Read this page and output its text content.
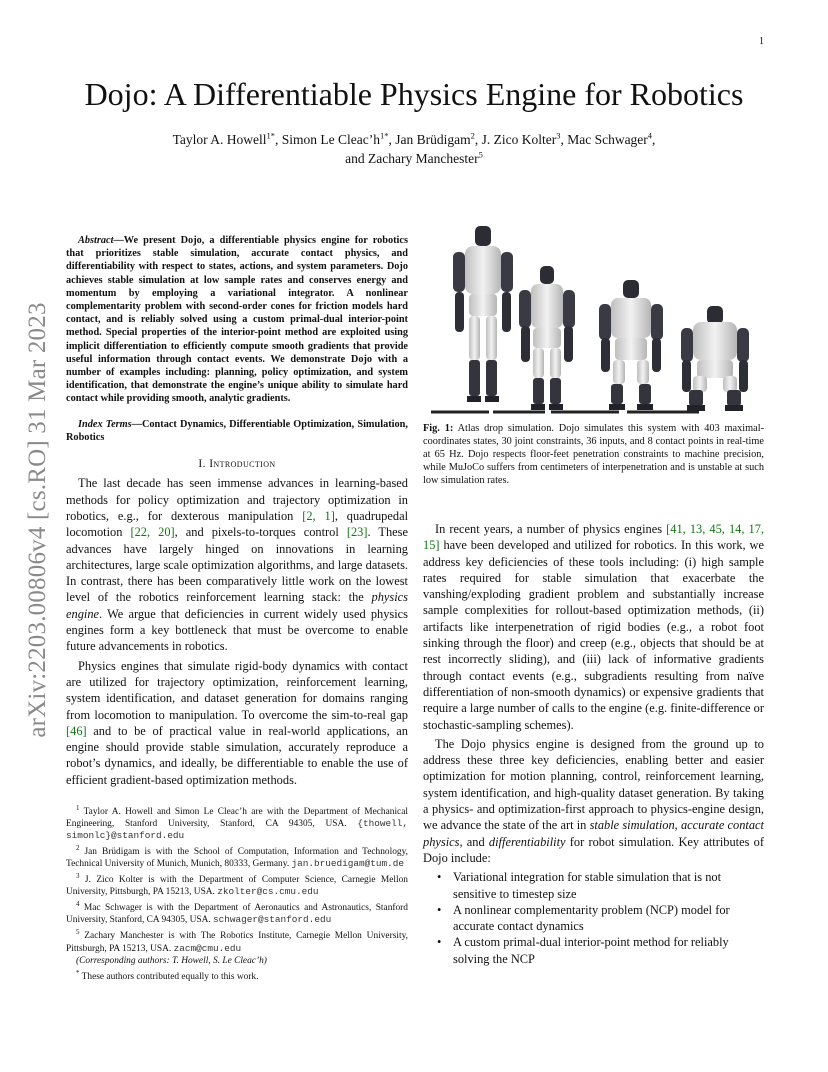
1
arXiv:2203.00806v4 [cs.RO] 31 Mar 2023
Dojo: A Differentiable Physics Engine for Robotics
Taylor A. Howell$^{1*}$, Simon Le $Cleac’h^{1*}$, Jan Brüdigam$^2$, J. Zico Kolter$^3$, Mac Schwager$^4$,
and Zachary Manchester$^5$

Abstract—We present Dojo, a differentiable physics engine for robotics that prioritizes stable simulation, accurate contact physics, and differentiability with respect to states, actions, and system parameters. Dojo achieves stable simulation at low sample rates and conserves energy and momentum by employing a variational integrator. A nonlinear complementarity problem with second-order cones for friction models hard contact, and is reliably solved using a custom primal-dual interior-point method. Special properties of the interior-point method are exploited using implicit differentiation to efficiently compute smooth gradients that provide useful information through contact events. We demonstrate Dojo with a number of examples including: planning, policy optimization, and system identification, that demonstrate the engine’s unique ability to simulate hard contact while providing smooth, analytic gradients.

Index Terms—Contact Dynamics, Differentiable Optimization, Simulation, Robotics

I. Introduction

The last decade has seen immense advances in learning-based methods for policy optimization and trajectory optimization in robotics, e.g., for dexterous manipulation [2, 1], quadrupedal locomotion [22, 20], and pixels-to-torques control [23]. These advances have largely hinged on innovations in learning architectures, large scale optimization algorithms, and large datasets. In contrast, there has been comparatively little work on the lowest level of the robotics reinforcement learning stack: the physics engine. We argue that deficiencies in current widely used physics engines form a key bottleneck that must be overcome to enable future advancements in robotics.

Physics engines that simulate rigid-body dynamics with contact are utilized for trajectory optimization, reinforcement learning, system identification, and dataset generation for domains ranging from locomotion to manipulation. To overcome the sim-to-real gap [46] and to be of practical value in real-world applications, an engine should provide stable simulation, accurately reproduce a robot’s dynamics, and ideally, be differentiable to enable the use of efficient gradient-based optimization methods.

$^1$ Taylor A. Howell and Simon Le Cleac’h are with the Department of Mechanical Engineering, Stanford University, Stanford, CA 94305, USA. {thowell, simonlc}@stanford.edu

$^2$ Jan Brüdigam is with the School of Computation, Information and Technology, Technical University of Munich, Munich, 80333, Germany. jan.bruedigam@tum.de

$^3$ J. Zico Kolter is with the Department of Computer Science, Carnegie Mellon University, Pittsburgh, PA 15213, USA. zkolter@cs.cmu.edu

$^4$ Mac Schwager is with the Department of Aeronautics and Astronautics, Stanford University, Stanford, CA 94305, USA. schwager@stanford.edu

$^5$ Zachary Manchester is with The Robotics Institute, Carnegie Mellon University, Pittsburgh, PA 15213, USA. zacm@cmu.edu

(Corresponding authors: T. Howell, S. Le Cleac’h)

* These authors contributed equally to this work.

Fig. 1: Atlas drop simulation. Dojo simulates this system with 403 maximal-coordinates states, 30 joint constraints, 36 inputs, and 8 contact points in real-time at 65 Hz. Dojo respects floor-feet penetration constraints to machine precision, while MuJoCo suffers from centimeters of interpenetration and is unstable at such low simulation rates.

In recent years, a number of physics engines [41, 13, 45, 14, 17, 15] have been developed and utilized for robotics. In this work, we address key deficiencies of these tools including: (i) high sample rates required for stable simulation that exacerbate the vanshing/exploding gradient problem and substantially increase sample complexities for rollout-based optimization methods, (ii) artifacts like interpenetration of rigid bodies (e.g., a robot foot sinking through the floor) and creep (e.g., objects that should be at rest incorrectly sliding), and (iii) lack of informative gradients through contact events (e.g., subgradients resulting from naïve differentiation of non-smooth dynamics) or expensive gradients that require a large number of calls to the engine (e.g. finite-difference or stochastic-sampling schemes).

The Dojo physics engine is designed from the ground up to address these three key deficiencies, enabling better and easier optimization for motion planning, control, reinforcement learning, system identification, and high-quality dataset generation. By taking a physics- and optimization-first approach to physics-engine design, we advance the state of the art in stable simulation, accurate contact physics, and differentiability for robot simulation. Key attributes of Dojo include:

• Variational integration for stable simulation that is not sensitive to timestep size
• A nonlinear complementarity problem (NCP) model for accurate contact dynamics
• A custom primal-dual interior-point method for reliably solving the NCP
